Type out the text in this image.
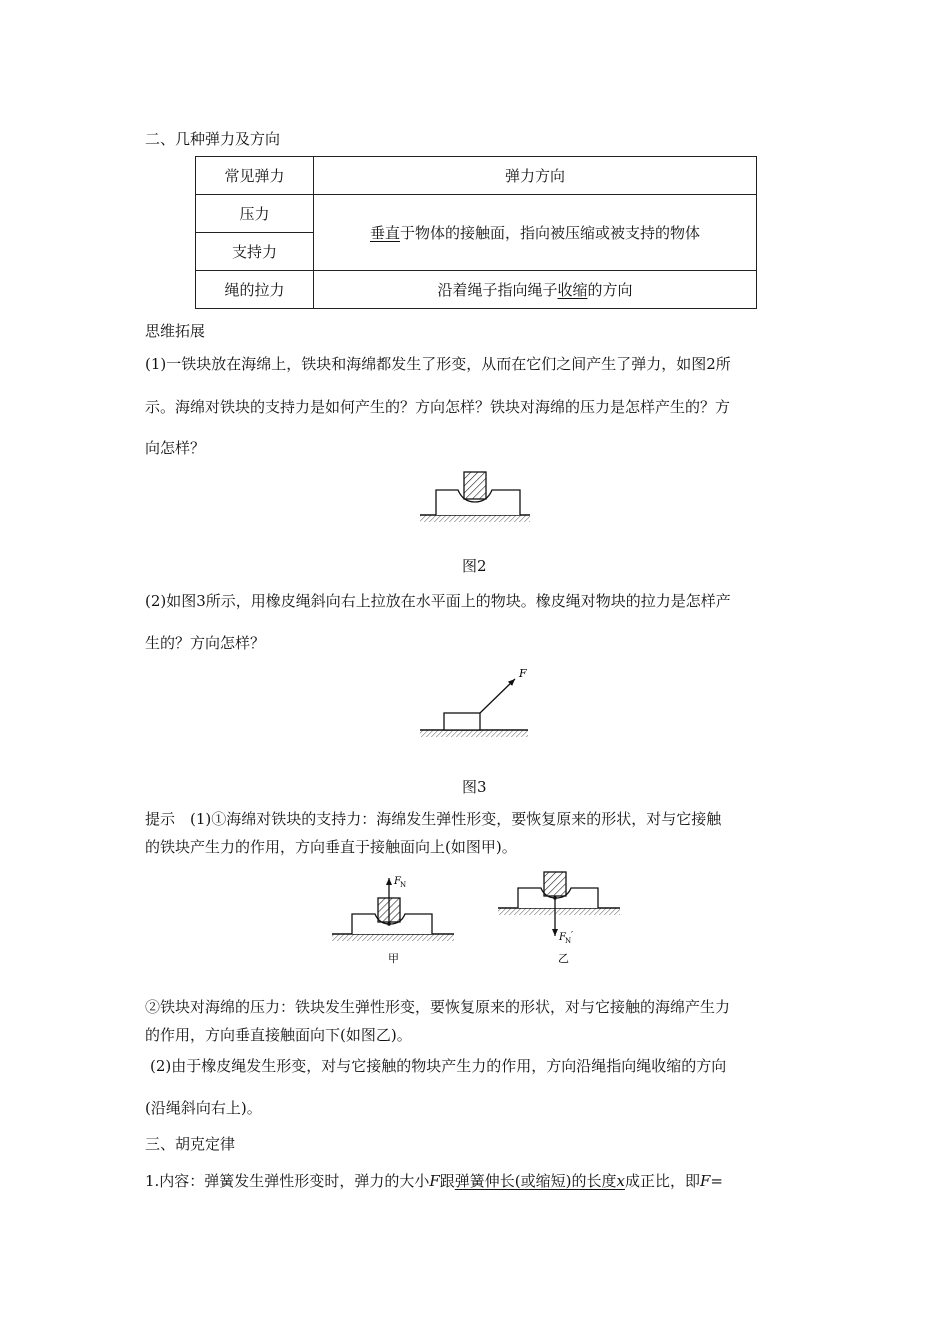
二、几种弹力及方向
常见弹力	弹力方向
压力	垂直于物体的接触面，指向被压缩或被支持的物体
支持力	
绳的拉力	沿着绳子指向绳子收缩的方向
思维拓展
(1)一铁块放在海绵上，铁块和海绵都发生了形变，从而在它们之间产生了弹力，如图2所
示。海绵对铁块的支持力是如何产生的？方向怎样？铁块对海绵的压力是怎样产生的？方
向怎样？
图2
(2)如图3所示，用橡皮绳斜向右上拉放在水平面上的物块。橡皮绳对物块的拉力是怎样产
生的？方向怎样？
F
图3
提示　(1)①海绵对铁块的支持力：海绵发生弹性形变，要恢复原来的形状，对与它接触
的铁块产生力的作用，方向垂直于接触面向上(如图甲)。
F N
甲
F N ′
乙
②铁块对海绵的压力：铁块发生弹性形变，要恢复原来的形状，对与它接触的海绵产生力
的作用，方向垂直接触面向下(如图乙)。
(2)由于橡皮绳发生形变，对与它接触的物块产生力的作用，方向沿绳指向绳收缩的方向
(沿绳斜向右上)。
三、胡克定律
1.内容：弹簧发生弹性形变时，弹力的大小F跟弹簧伸长(或缩短)的长度x成正比，即F=
